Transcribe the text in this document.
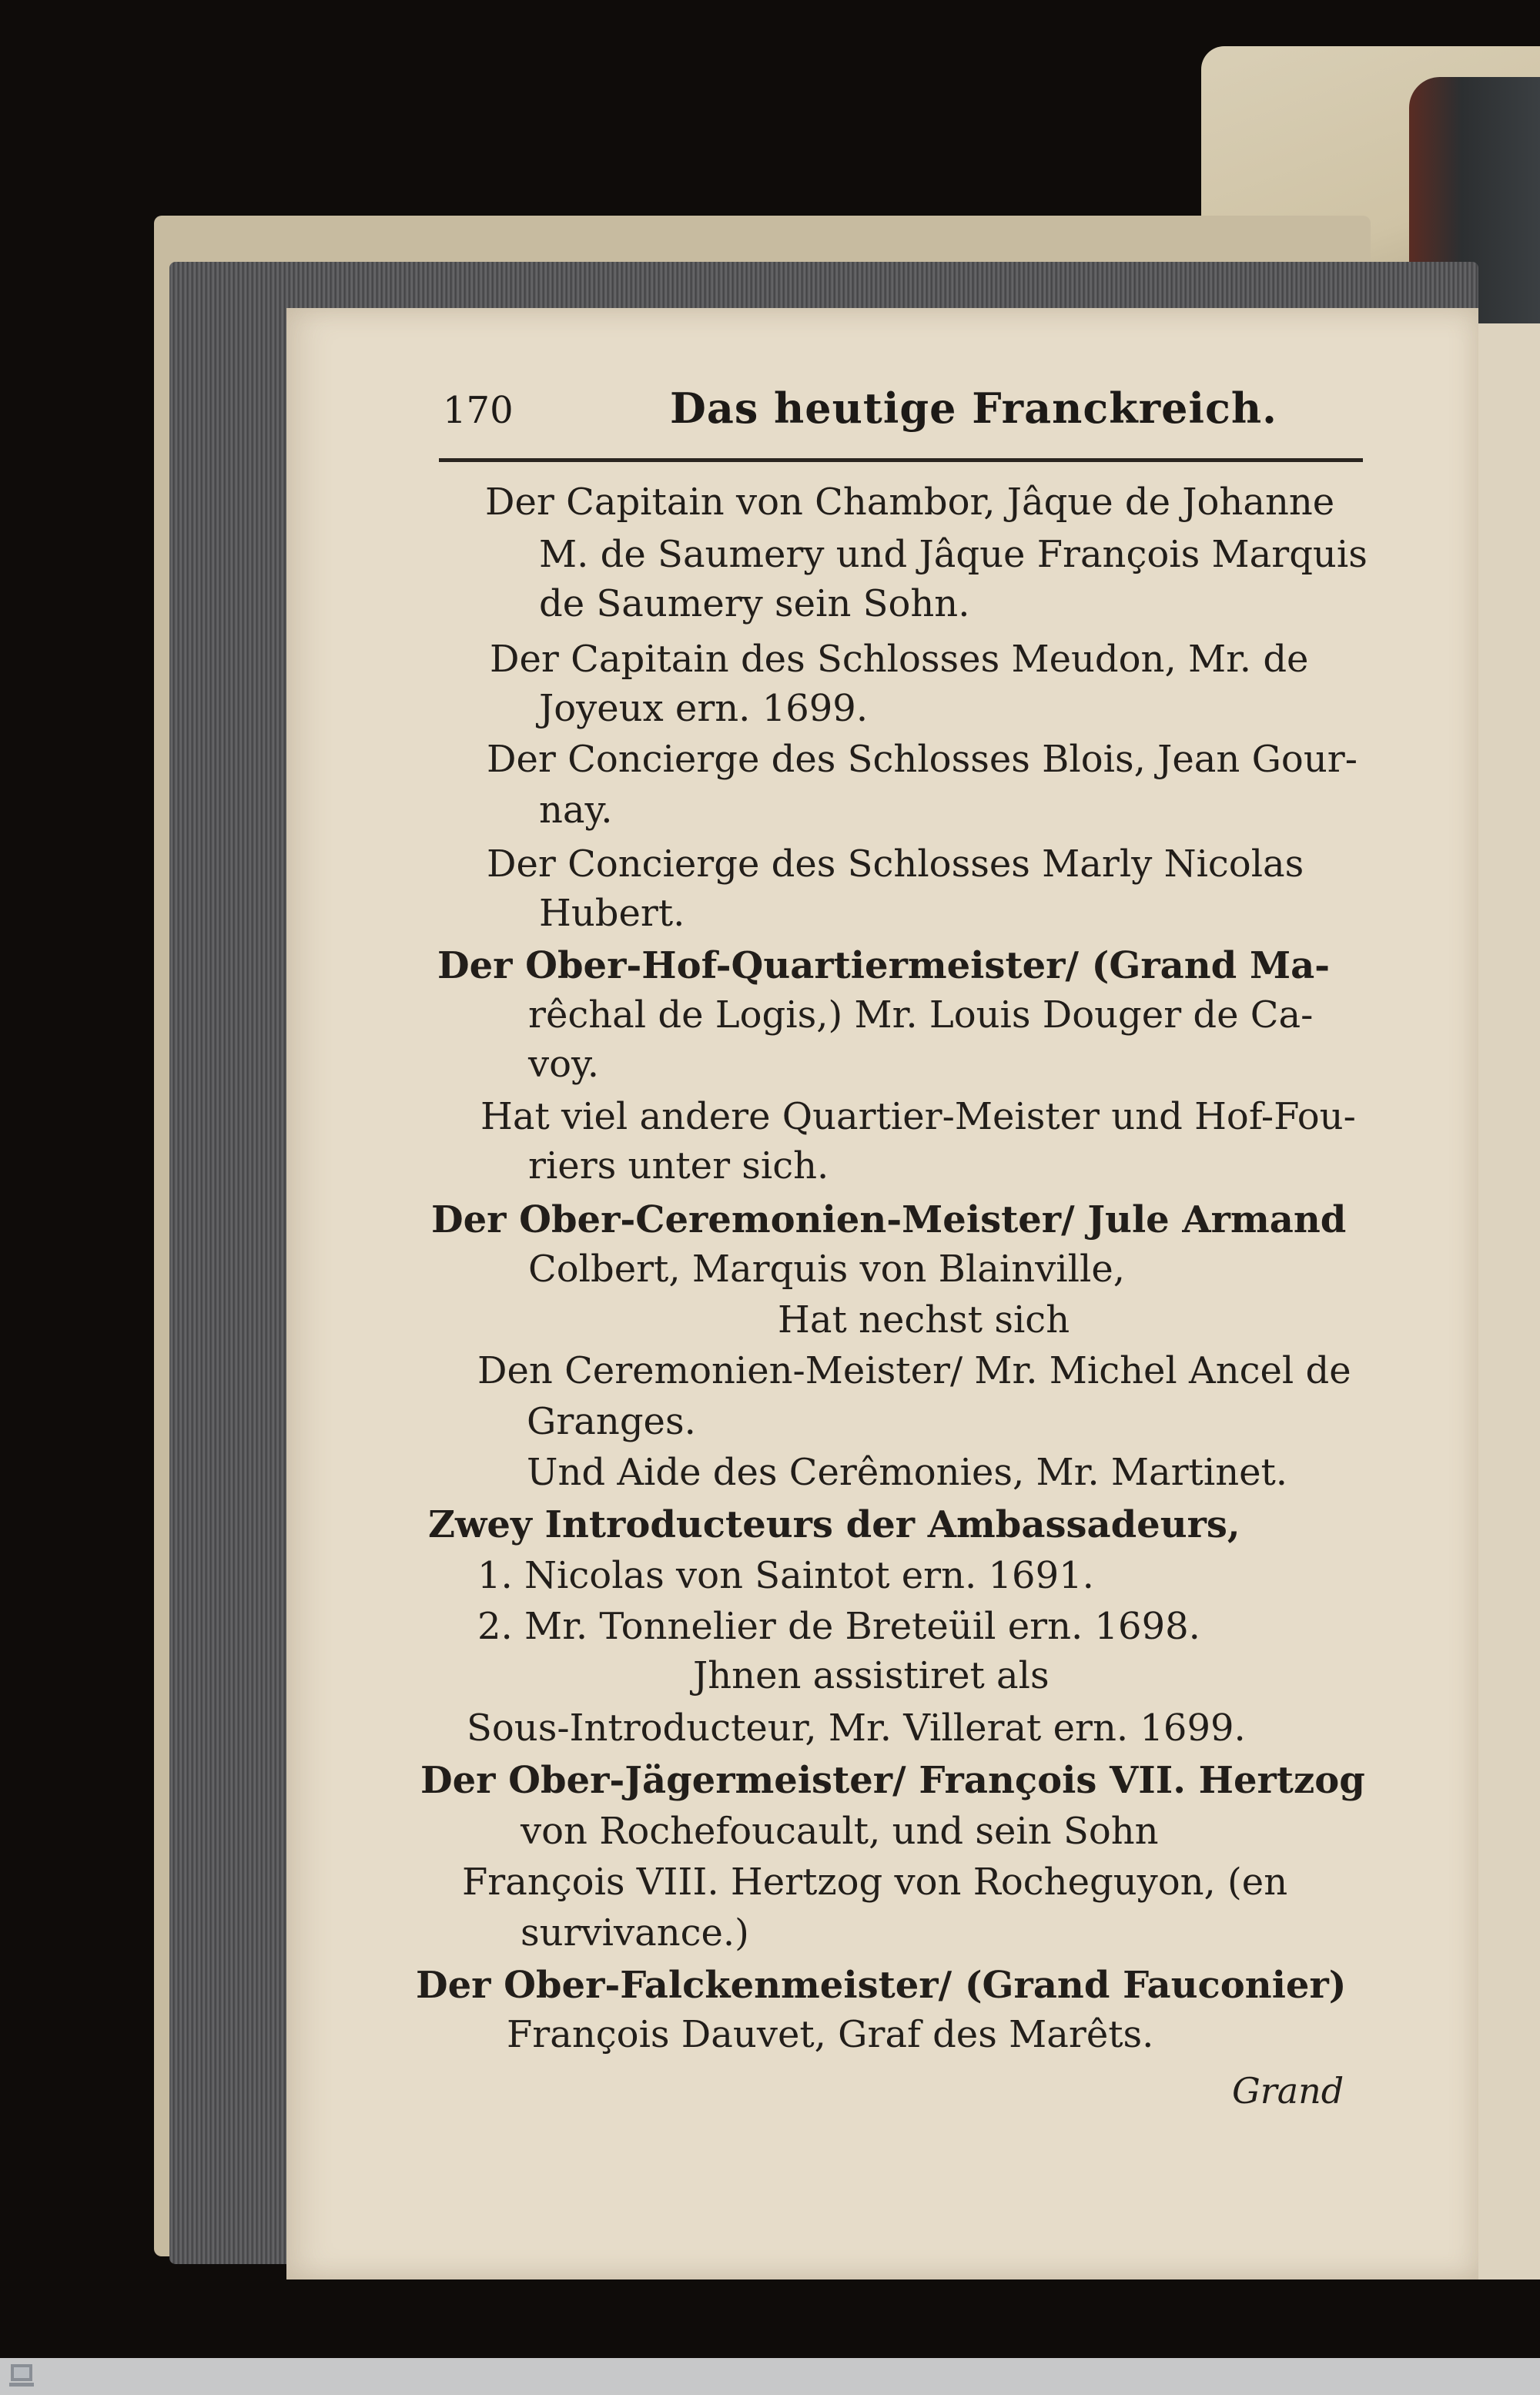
170	Das heutige Franckreich.
Der Capitain von Chambor, Jâque de Johanne
M. de Saumery und Jâque François Marquis
de Saumery sein Sohn.
Der Capitain des Schlosses Meudon, Mr. de
Joyeux ern. 1699.
Der Concierge des Schlosses Blois, Jean Gour-
nay.
Der Concierge des Schlosses Marly Nicolas
Hubert.
Der Ober-Hof-Quartiermeister/ (Grand Ma-
rêchal de Logis,) Mr. Louis Douger de Ca-
voy.
Hat viel andere Quartier-Meister und Hof-Fou-
riers unter sich.
Der Ober-Ceremonien-Meister/ Jule Armand
Colbert, Marquis von Blainville,
Hat nechst sich
Den Ceremonien-Meister/ Mr. Michel Ancel de
Granges.
Und Aide des Cerêmonies, Mr. Martinet.
Zwey Introducteurs der Ambassadeurs,
1. Nicolas von Saintot ern. 1691.
2. Mr. Tonnelier de Breteüil ern. 1698.
Jhnen assistiret als
Sous-Introducteur, Mr. Villerat ern. 1699.
Der Ober-Jägermeister/ François VII. Hertzog
von Rochefoucault, und sein Sohn
François VIII. Hertzog von Rocheguyon, (en
survivance.)
Der Ober-Falckenmeister/ (Grand Fauconier)
François Dauvet, Graf des Marêts.
Grand
